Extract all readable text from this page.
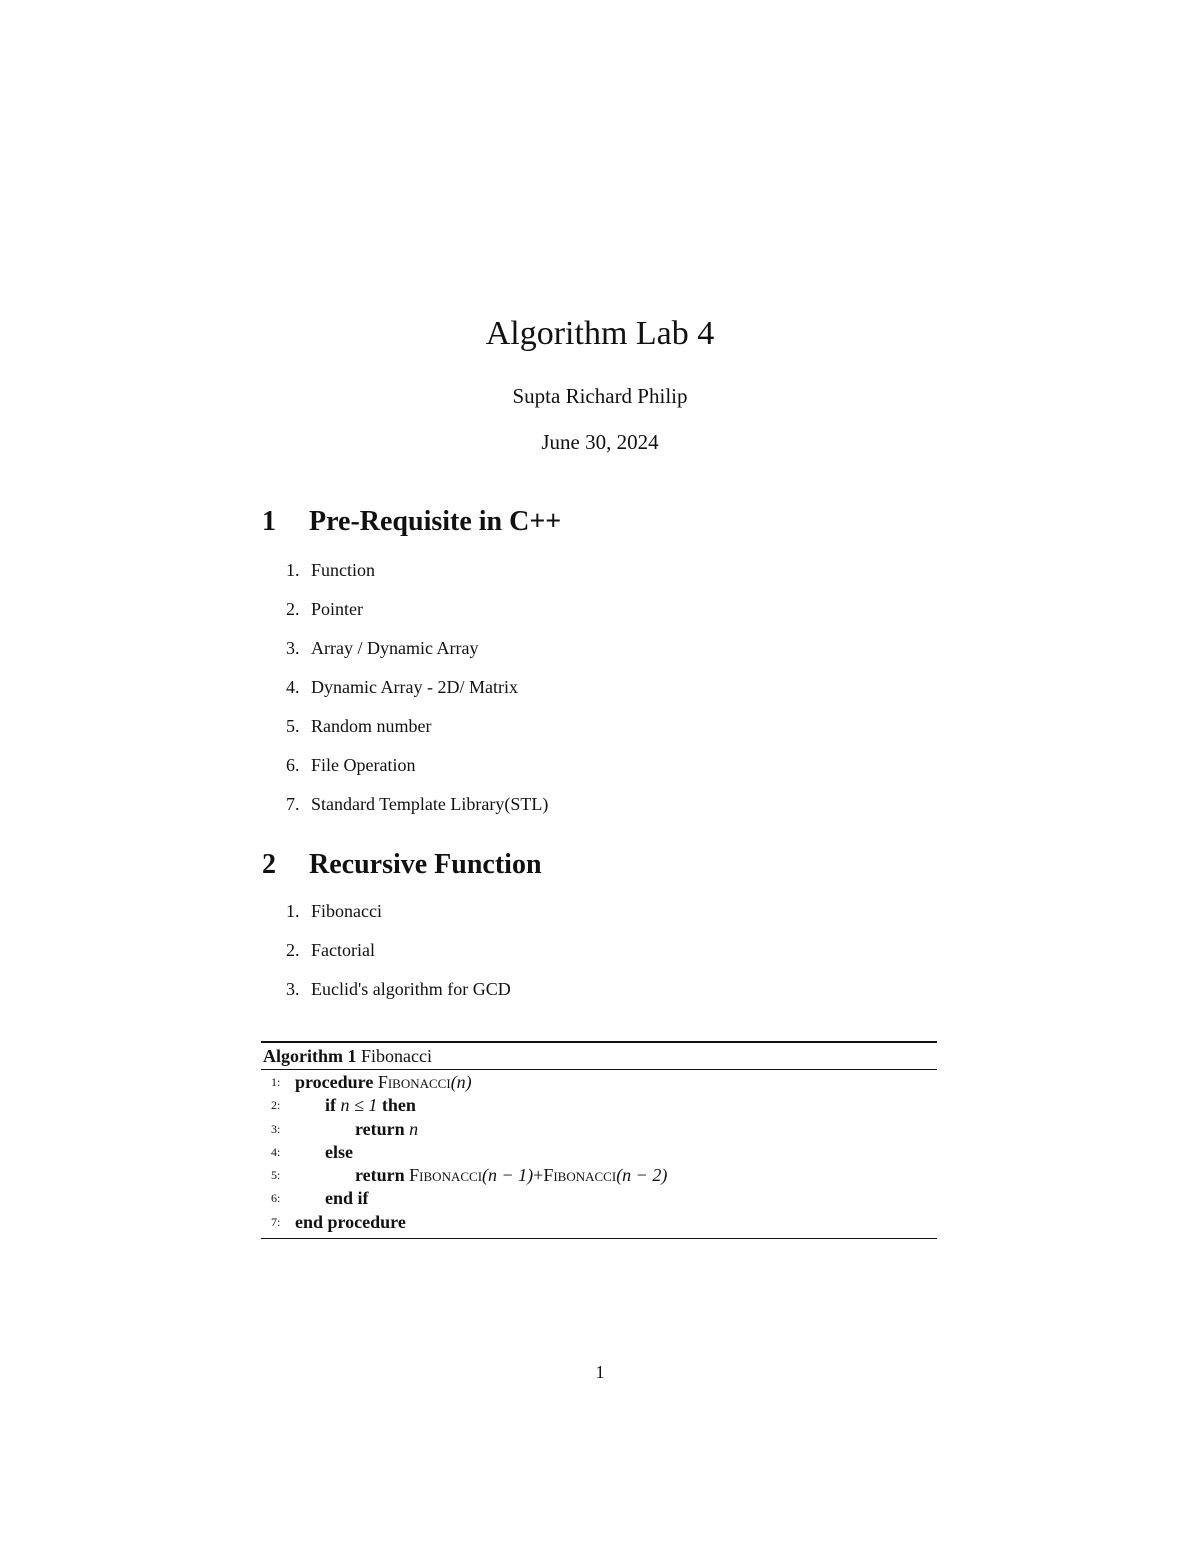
Algorithm Lab 4
Supta Richard Philip
June 30, 2024
1 Pre-Requisite in C++
1. Function
2. Pointer
3. Array / Dynamic Array
4. Dynamic Array - 2D/ Matrix
5. Random number
6. File Operation
7. Standard Template Library(STL)
2 Recursive Function
1. Fibonacci
2. Factorial
3. Euclid's algorithm for GCD
Algorithm 1 Fibonacci
1: procedure Fibonacci(n)
2: if n ≤ 1 then
3:	return n
4: else
5:	return Fibonacci(n − 1)+Fibonacci(n − 2)
6: end if
7: end procedure
1
